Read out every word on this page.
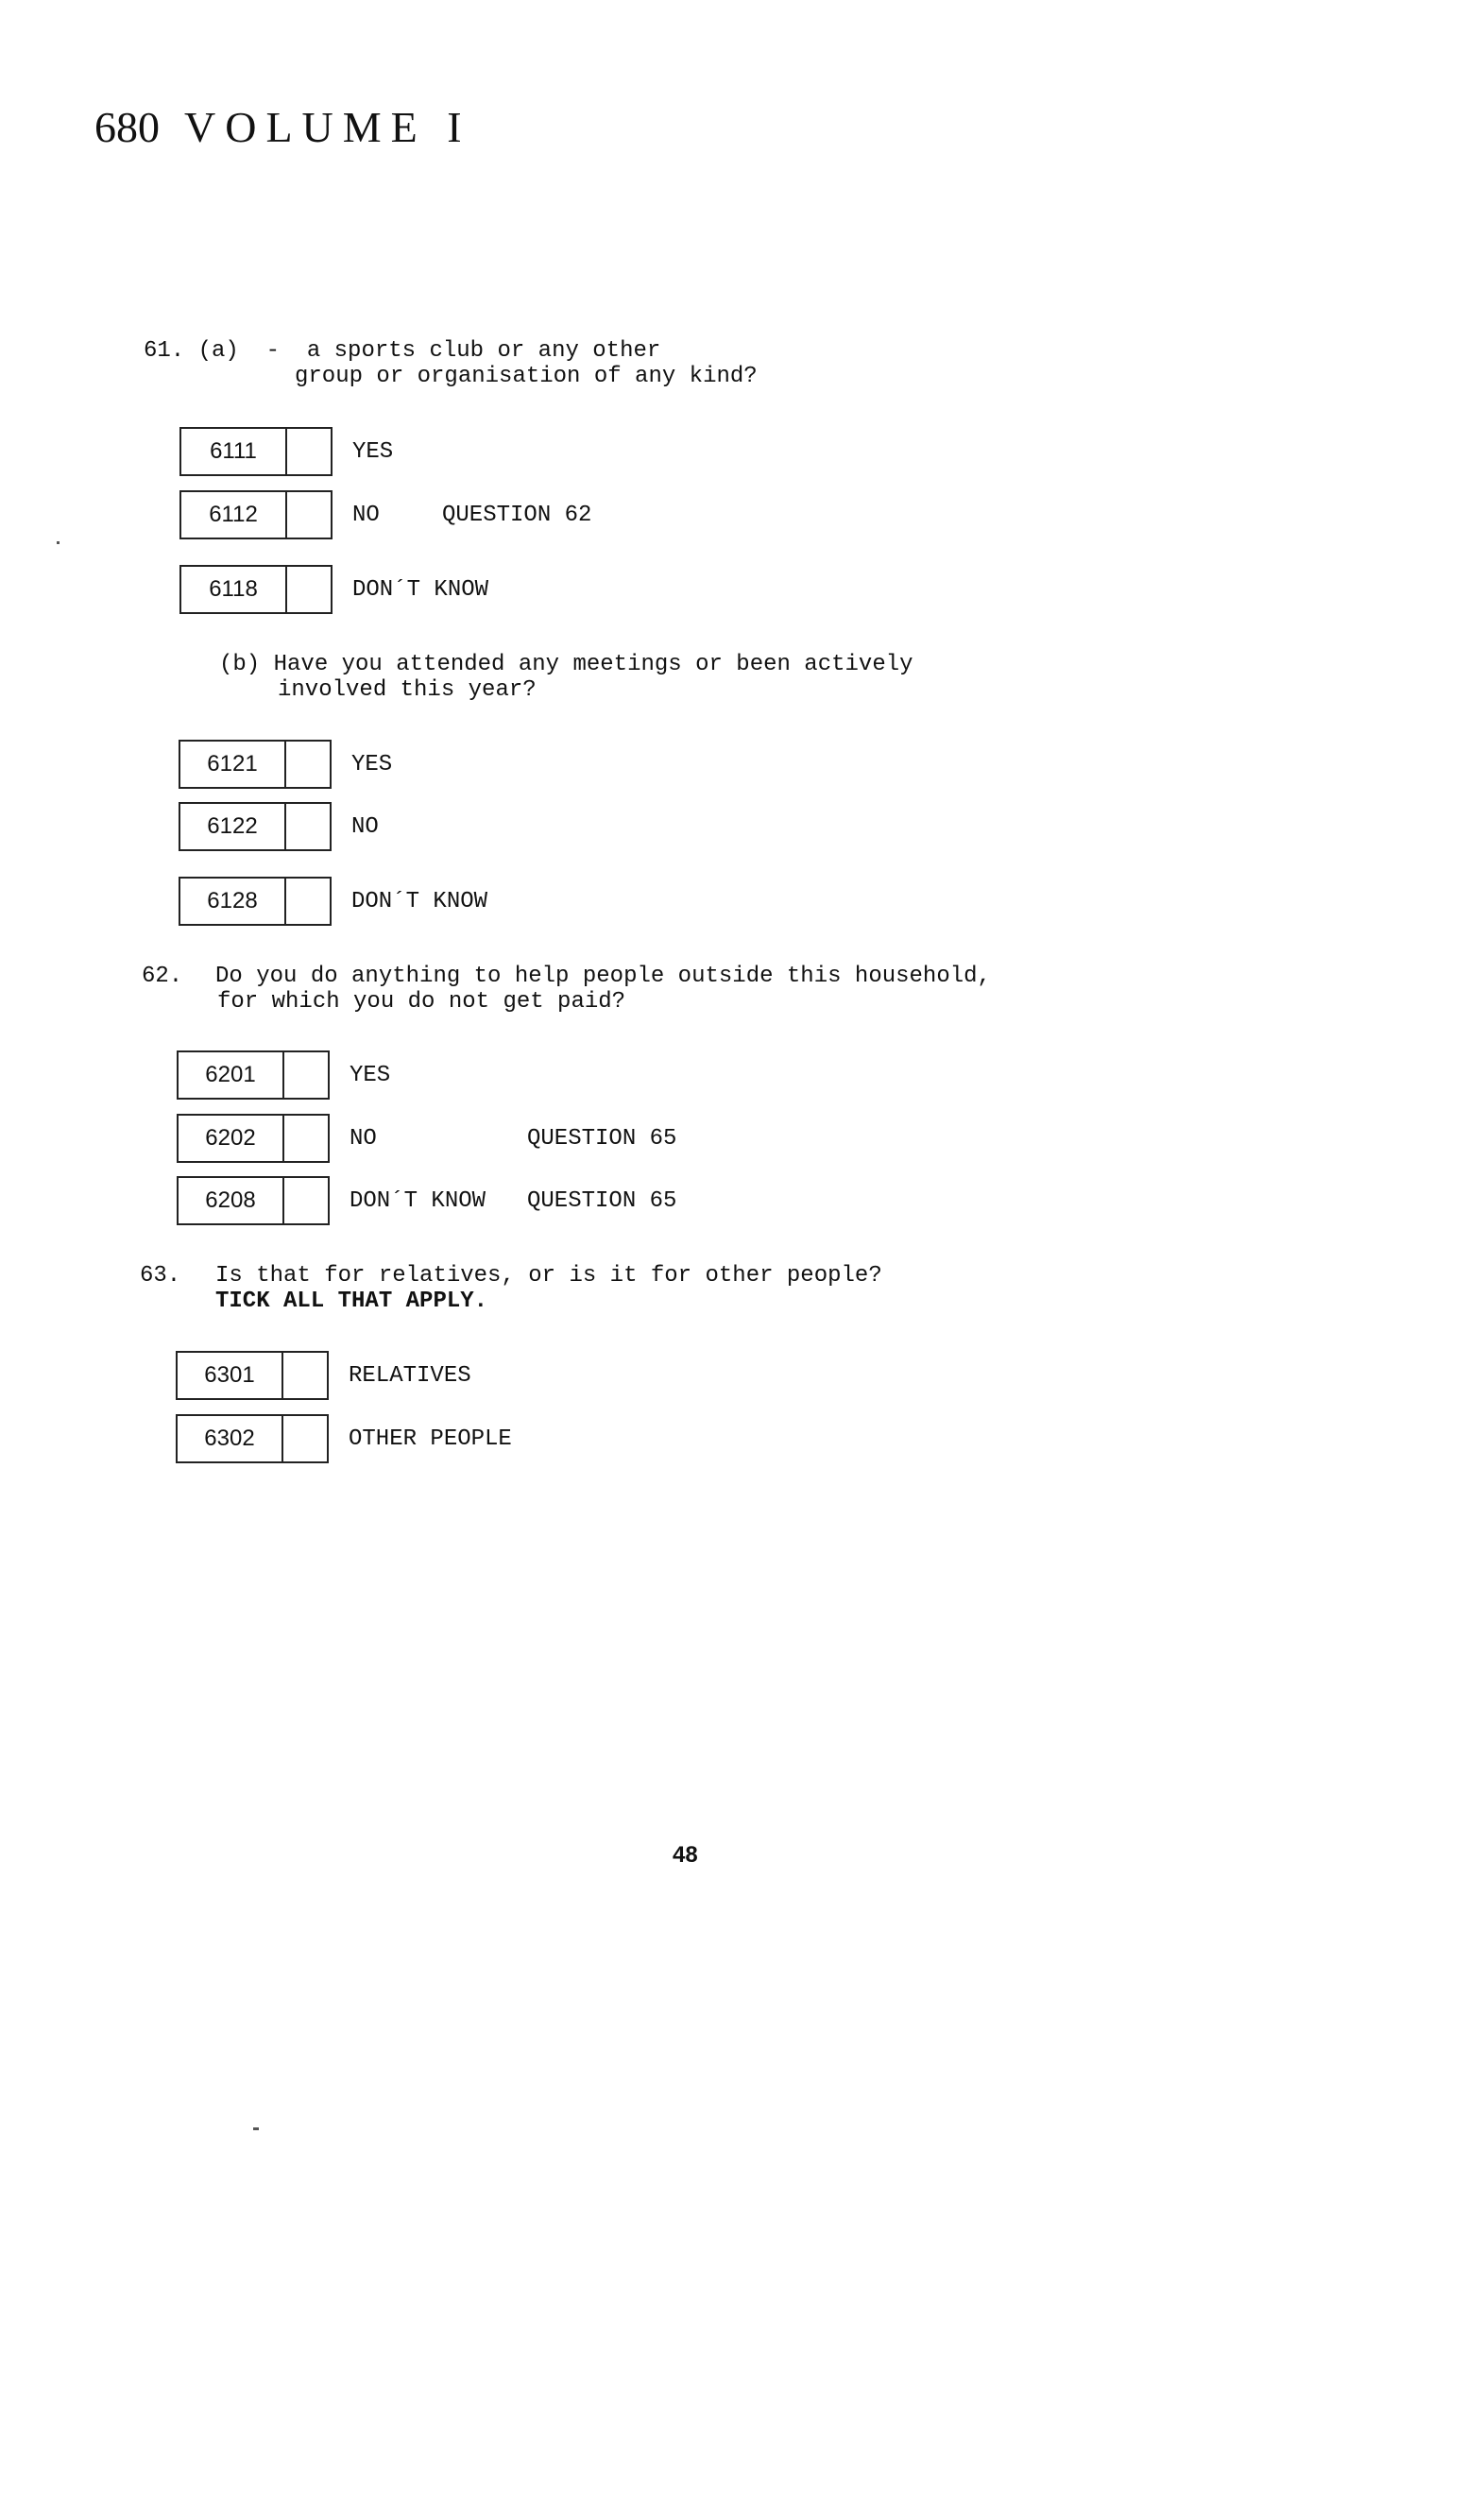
680 VOLUME I
61. (a)  -  a sports club or any other
group or organisation of any kind?
6111	YES
6112	NO	QUESTION 62
6118	DON´T KNOW
(b) Have you attended any meetings or been actively
involved this year?
6121	YES
6122	NO
6128	DON´T KNOW
62. Do you do anything to help people outside this household,
for which you do not get paid?
6201	YES
6202	NO	QUESTION 65
6208	DON´T KNOW QUESTION 65
63. Is that for relatives, or is it for other people?
TICK ALL THAT APPLY.
6301	RELATIVES
6302	OTHER PEOPLE
48
